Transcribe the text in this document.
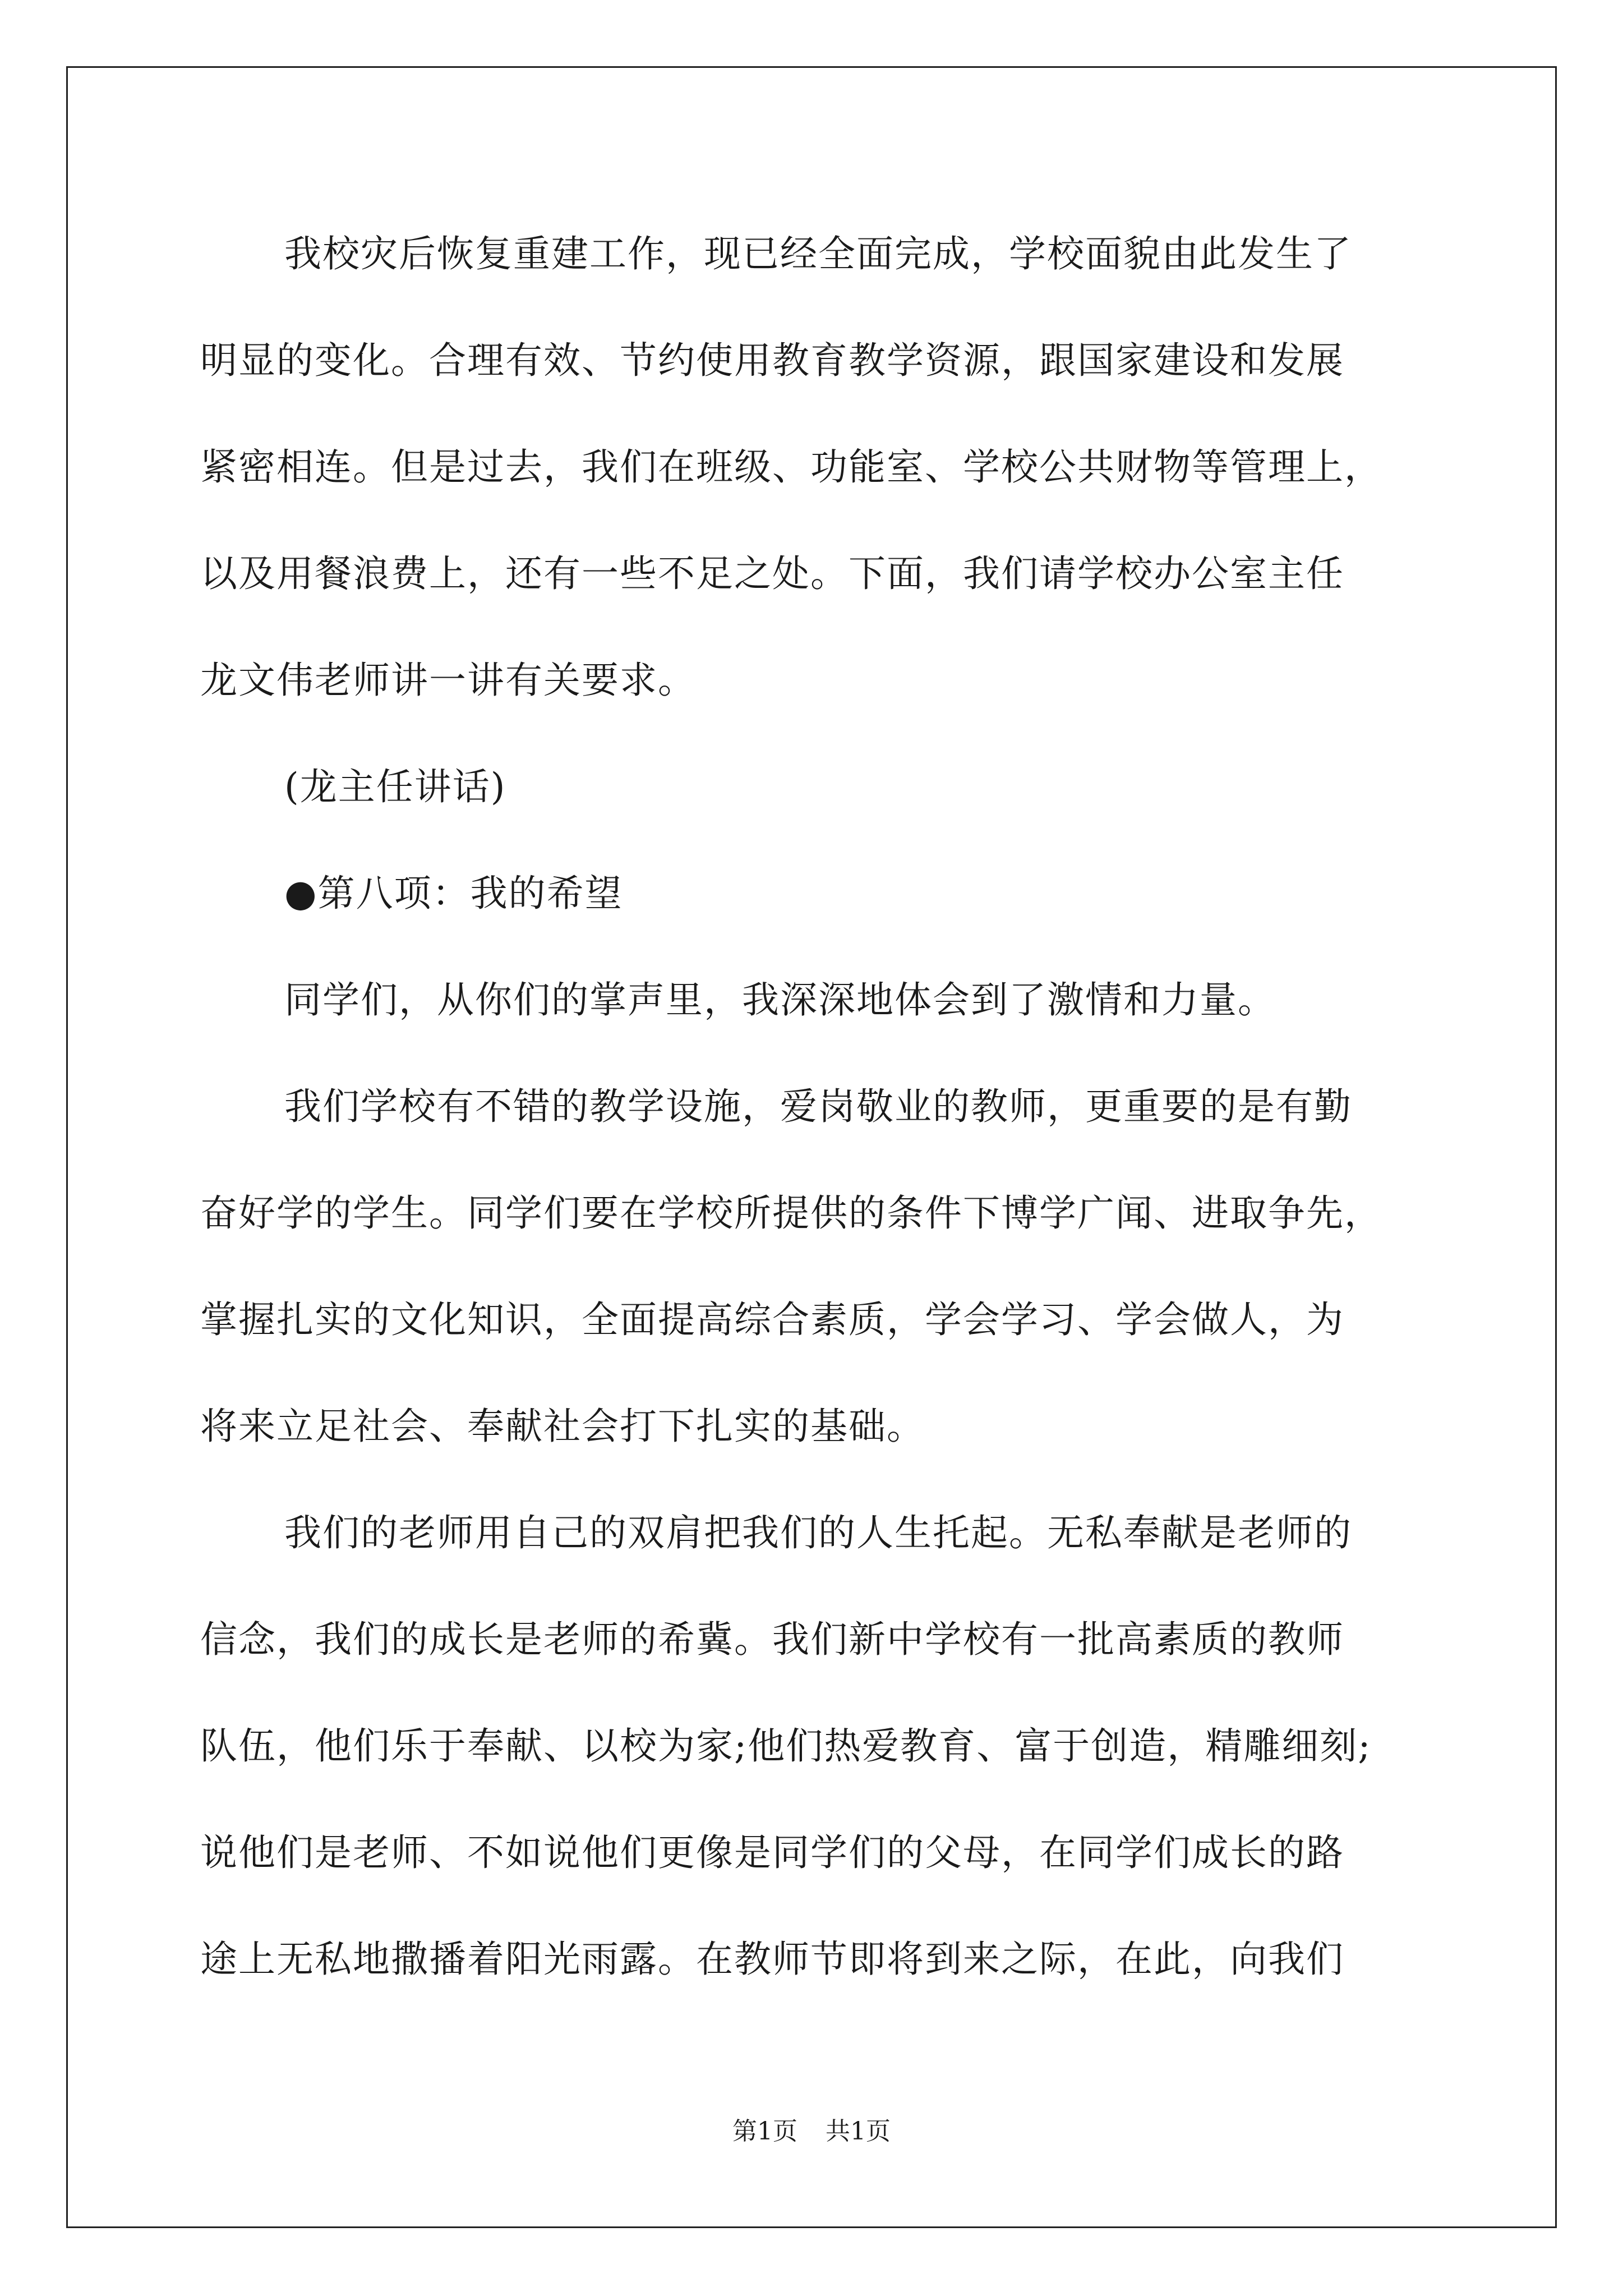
我校灾后恢复重建工作，现已经全面完成，学校面貌由此发生了
明显的变化。合理有效、节约使用教育教学资源，跟国家建设和发展
紧密相连。但是过去，我们在班级、功能室、学校公共财物等管理上，
以及用餐浪费上，还有一些不足之处。下面，我们请学校办公室主任
龙文伟老师讲一讲有关要求。
(龙主任讲话)
●第八项：我的希望
同学们，从你们的掌声里，我深深地体会到了激情和力量。
我们学校有不错的教学设施，爱岗敬业的教师，更重要的是有勤
奋好学的学生。同学们要在学校所提供的条件下博学广闻、进取争先，
掌握扎实的文化知识，全面提高综合素质，学会学习、学会做人，为
将来立足社会、奉献社会打下扎实的基础。
我们的老师用自己的双肩把我们的人生托起。无私奉献是老师的
信念，我们的成长是老师的希冀。我们新中学校有一批高素质的教师
队伍，他们乐于奉献、以校为家;他们热爱教育、富于创造，精雕细刻;
说他们是老师、不如说他们更像是同学们的父母，在同学们成长的路
途上无私地撒播着阳光雨露。在教师节即将到来之际，在此，向我们
第1页 共1页
